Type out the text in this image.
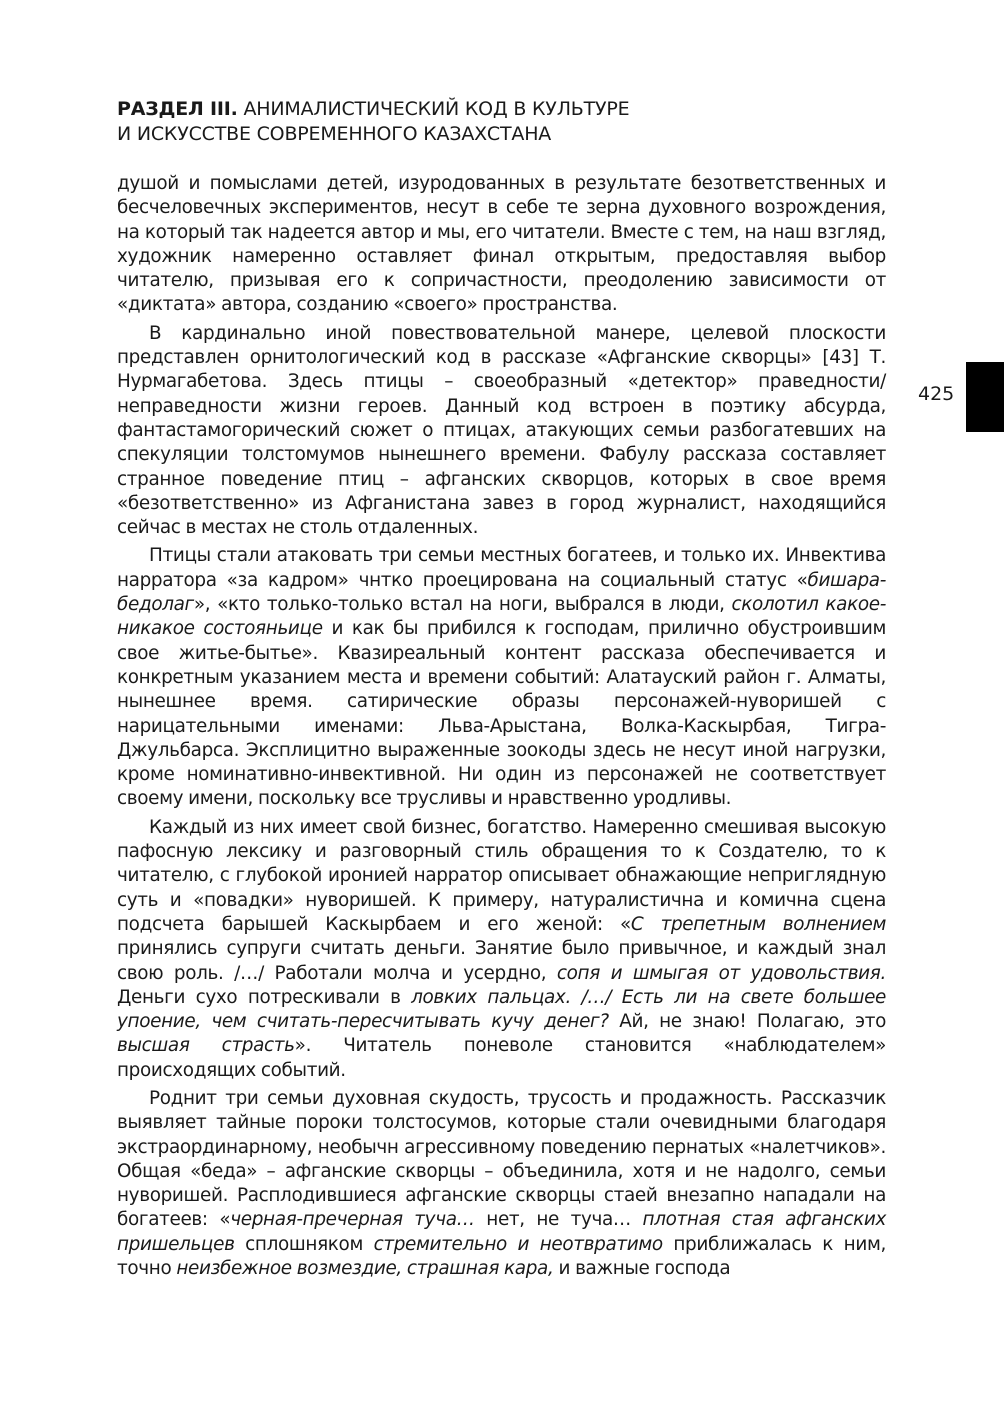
РАЗДЕЛ III. АНИМАЛИСТИЧЕСКИЙ КОД В КУЛЬТУРЕ
И ИСКУССТВЕ СОВРЕМЕННОГО КАЗАХСТАНА
425

душой и помыслами детей, изуродованных в результате безответственных и бесчеловечных экспериментов, несут в себе те зерна духовного возрождения, на который так надеется автор и мы, его читатели. Вместе с тем, на наш взгляд, художник намеренно оставляет финал открытым, предоставляя выбор читателю, призывая его к сопричастности, преодолению зависимости от «диктата» автора, созданию «своего» пространства.

В кардинально иной повествовательной манере, целевой плоскости представлен орнитологический код в рассказе «Афганские скворцы» [43] Т. Нурмагабетова. Здесь птицы – своеобразный «детектор» праведности/неправедности жизни героев. Данный код встроен в поэтику абсурда, фантастамогорический сюжет о птицах, атакующих семьи разбогатевших на спекуляции толстомумов нынешнего времени. Фабулу рассказа составляет странное поведение птиц – афганских скворцов, которых в свое время «безответственно» из Афганистана завез в город журналист, находящийся сейчас в местах не столь отдаленных.

Птицы стали атаковать три семьи местных богатеев, и только их. Инвектива нарратора «за кадром» чнтко проецирована на социальный статус «бишара-бедолаг», «кто только-только встал на ноги, выбрался в люди, сколотил какое-никакое состояньице и как бы прибился к господам, прилично обустроившим свое житье-бытье». Квазиреальный контент рассказа обеспечивается и конкретным указанием места и времени событий: Алатауский район г. Алматы, нынешнее время. сатирические образы персонажей-нуворишей с нарицательными именами: Льва-Арыстана, Волка-Каскырбая, Тигра-Джульбарса. Эксплицитно выраженные зоокоды здесь не несут иной нагрузки, кроме номинативно-инвективной. Ни один из персонажей не соответствует своему имени, поскольку все трусливы и нравственно уродливы.

Каждый из них имеет свой бизнес, богатство. Намеренно смешивая высокую пафосную лексику и разговорный стиль обращения то к Создателю, то к читателю, с глубокой иронией нарратор описывает обнажающие неприглядную суть и «повадки» нуворишей. К примеру, натуралистична и комична сцена подсчета барышей Каскырбаем и его женой: «С трепетным волнением принялись супруги считать деньги. Занятие было привычное, и каждый знал свою роль. /…/ Работали молча и усердно, сопя и шмыгая от удовольствия. Деньги сухо потрескивали в ловких пальцах. /…/ Есть ли на свете большее упоение, чем считать-пересчитывать кучу денег? Ай, не знаю! Полагаю, это высшая страсть». Читатель поневоле становится «наблюдателем» происходящих событий.

Роднит три семьи духовная скудость, трусость и продажность. Рассказчик выявляет тайные пороки толстосумов, которые стали очевидными благодаря экстраординарному, необычн агрессивному поведению пернатых «налетчиков». Общая «беда» – афганские скворцы – объединила, хотя и не надолго, семьи нуворишей. Расплодившиеся афганские скворцы стаей внезапно нападали на богатеев: «черная-пречерная туча… нет, не туча… плотная стая афганских пришельцев сплошняком стремительно и неотвратимо приближалась к ним, точно неизбежное возмездие, страшная кара, и важные господа
